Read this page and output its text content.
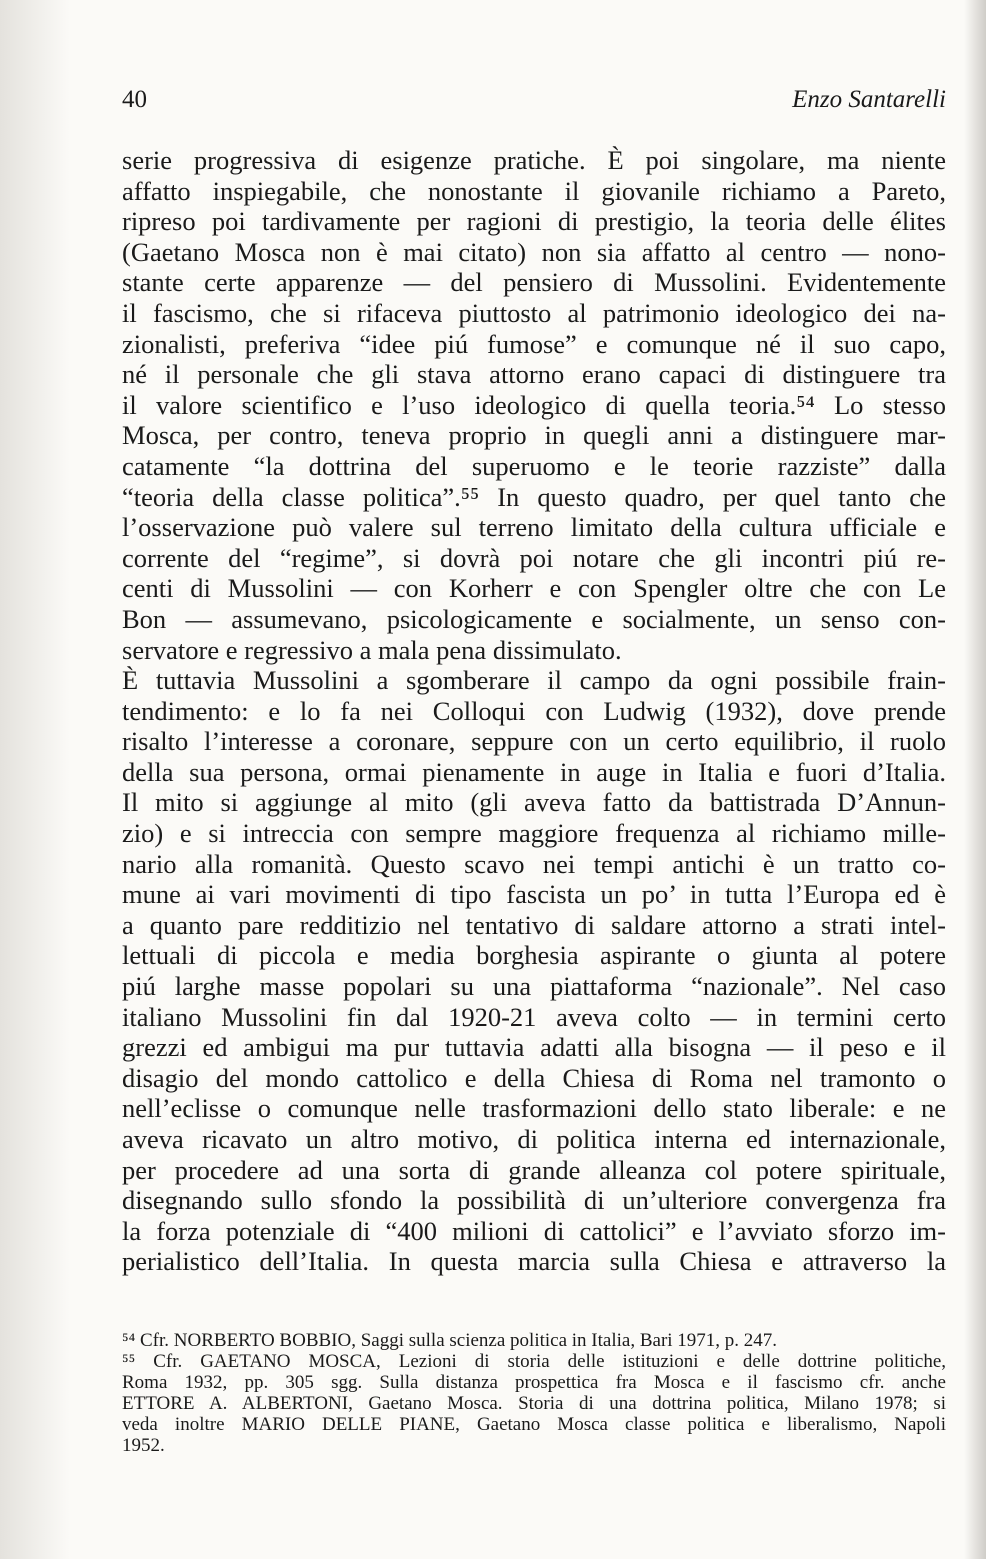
40	Enzo Santarelli
serie progressiva di esigenze pratiche. È poi singolare, ma niente
affatto inspiegabile, che nonostante il giovanile richiamo a Pareto,
ripreso poi tardivamente per ragioni di prestigio, la teoria delle élites
(Gaetano Mosca non è mai citato) non sia affatto al centro — nono-
stante certe apparenze — del pensiero di Mussolini. Evidentemente
il fascismo, che si rifaceva piuttosto al patrimonio ideologico dei na-
zionalisti, preferiva “idee piú fumose” e comunque né il suo capo,
né il personale che gli stava attorno erano capaci di distinguere tra
il valore scientifico e l’uso ideologico di quella teoria.⁵⁴ Lo stesso
Mosca, per contro, teneva proprio in quegli anni a distinguere mar-
catamente “la dottrina del superuomo e le teorie razziste” dalla
“teoria della classe politica”.⁵⁵ In questo quadro, per quel tanto che
l’osservazione può valere sul terreno limitato della cultura ufficiale e
corrente del “regime”, si dovrà poi notare che gli incontri piú re-
centi di Mussolini — con Korherr e con Spengler oltre che con Le
Bon — assumevano, psicologicamente e socialmente, un senso con-
servatore e regressivo a mala pena dissimulato.
È tuttavia Mussolini a sgomberare il campo da ogni possibile frain-
tendimento: e lo fa nei Colloqui con Ludwig (1932), dove prende
risalto l’interesse a coronare, seppure con un certo equilibrio, il ruolo
della sua persona, ormai pienamente in auge in Italia e fuori d’Italia.
Il mito si aggiunge al mito (gli aveva fatto da battistrada D’Annun-
zio) e si intreccia con sempre maggiore frequenza al richiamo mille-
nario alla romanità. Questo scavo nei tempi antichi è un tratto co-
mune ai vari movimenti di tipo fascista un po’ in tutta l’Europa ed è
a quanto pare redditizio nel tentativo di saldare attorno a strati intel-
lettuali di piccola e media borghesia aspirante o giunta al potere
piú larghe masse popolari su una piattaforma “nazionale”. Nel caso
italiano Mussolini fin dal 1920-21 aveva colto — in termini certo
grezzi ed ambigui ma pur tuttavia adatti alla bisogna — il peso e il
disagio del mondo cattolico e della Chiesa di Roma nel tramonto o
nell’eclisse o comunque nelle trasformazioni dello stato liberale: e ne
aveva ricavato un altro motivo, di politica interna ed internazionale,
per procedere ad una sorta di grande alleanza col potere spirituale,
disegnando sullo sfondo la possibilità di un’ulteriore convergenza fra
la forza potenziale di “400 milioni di cattolici” e l’avviato sforzo im-
perialistico dell’Italia. In questa marcia sulla Chiesa e attraverso la
⁵⁴ Cfr. NORBERTO BOBBIO, Saggi sulla scienza politica in Italia, Bari 1971, p. 247.
⁵⁵ Cfr. GAETANO MOSCA, Lezioni di storia delle istituzioni e delle dottrine politiche,
Roma 1932, pp. 305 sgg. Sulla distanza prospettica fra Mosca e il fascismo cfr. anche
ETTORE A. ALBERTONI, Gaetano Mosca. Storia di una dottrina politica, Milano 1978; si
veda inoltre MARIO DELLE PIANE, Gaetano Mosca classe politica e liberalismo, Napoli
1952.
